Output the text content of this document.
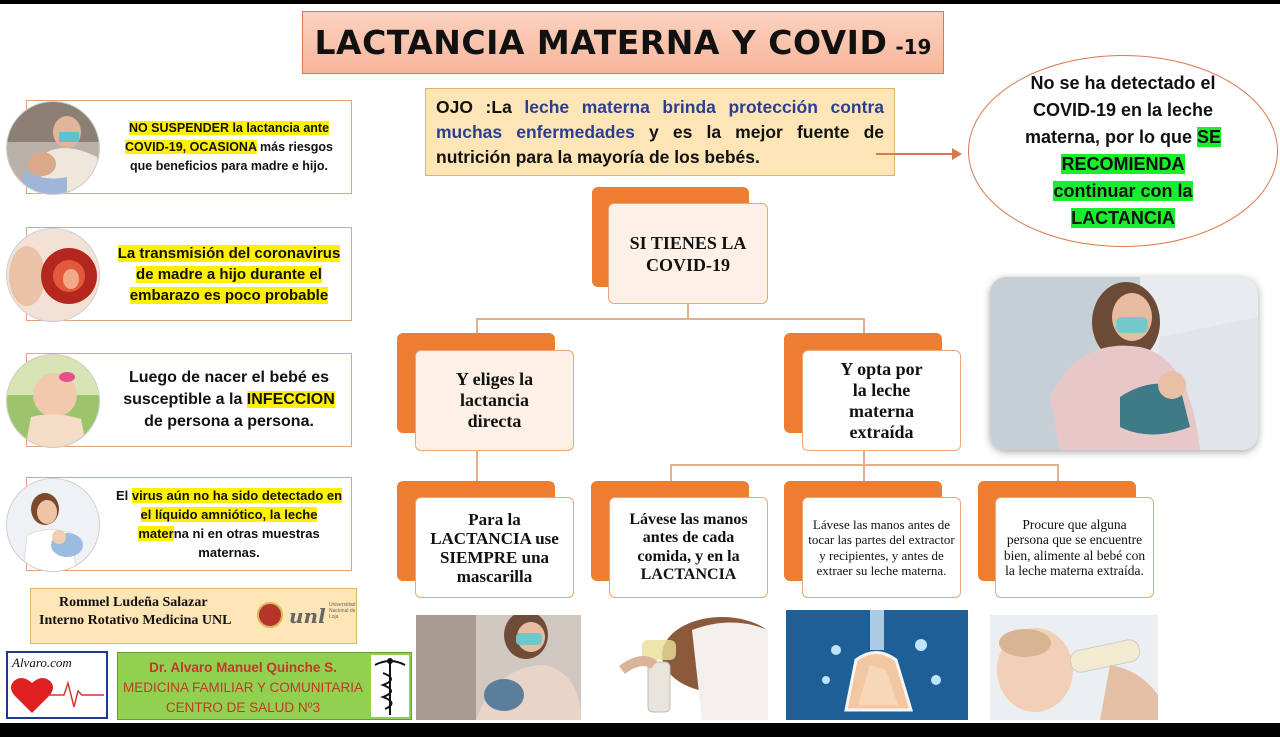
LACTANCIA MATERNA Y COVID -19
NO SUSPENDER la lactancia ante COVID-19, OCASIONA más riesgos que beneficios para madre e hijo.
La transmisión del coronavirus de madre a hijo durante el embarazo es poco probable
Luego de nacer el bebé es susceptible a la INFECCION de persona a persona.
El virus aún no ha sido detectado en el líquido amniótico, la leche materna ni en otras muestras maternas.
OJO :La leche materna brinda protección contra muchas enfermedades y es la mejor fuente de nutrición para la mayoría de los bebés.
No se ha detectado el COVID-19 en la leche materna, por lo que SE RECOMIENDA continuar con la LACTANCIA
SI TIENES LA COVID-19
Y eliges la lactancia directa
Y opta por la leche materna extraída
Para la LACTANCIA use SIEMPRE una mascarilla
Lávese las manos antes de cada comida, y en la LACTANCIA
Lávese las manos antes de tocar las partes del extractor y recipientes, y antes de extraer su leche materna.
Procure que alguna persona que se encuentre bien, alimente al bebé con la leche materna extraída.
Rommel Ludeña Salazar
Interno Rotativo Medicina UNL	unl Universidad Nacional de Loja
Alvaro.com	Dr. Alvaro Manuel Quinche S.
MEDICINA FAMILIAR Y COMUNITARIA
CENTRO DE SALUD Nº3
